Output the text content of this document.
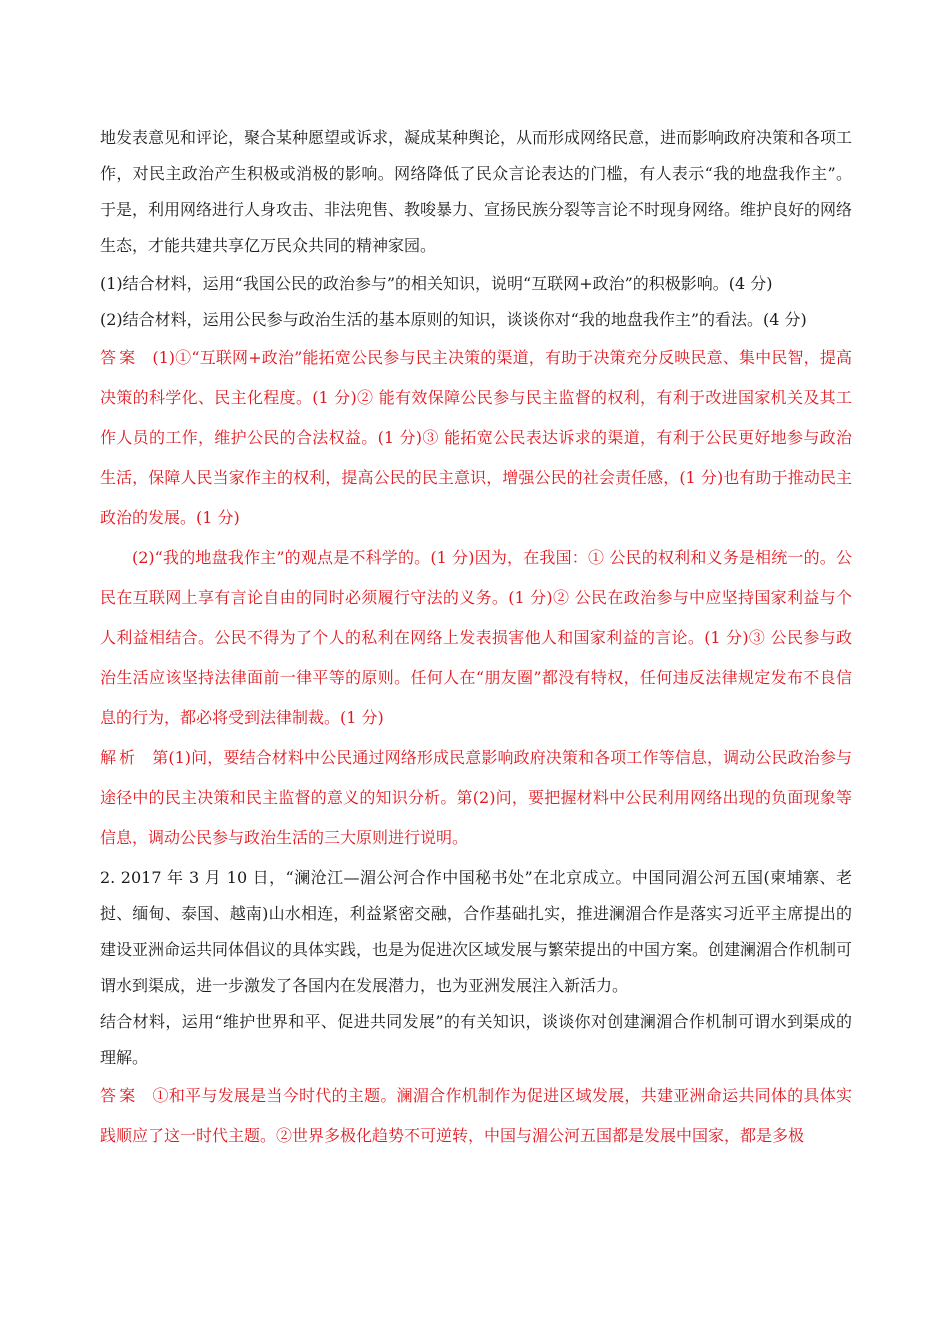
地发表意见和评论，聚合某种愿望或诉求，凝成某种舆论，从而形成网络民意，进而影响政府决策和各项工作，对民主政治产生积极或消极的影响。网络降低了民众言论表达的门槛，有人表示“我的地盘我作主”。于是，利用网络进行人身攻击、非法兜售、教唆暴力、宣扬民族分裂等言论不时现身网络。维护良好的网络生态，才能共建共享亿万民众共同的精神家园。

(1)结合材料，运用“我国公民的政治参与”的相关知识，说明“互联网+政治”的积极影响。(4 分)

(2)结合材料，运用公民参与政治生活的基本原则的知识，谈谈你对“我的地盘我作主”的看法。(4 分)

答案 (1)①“互联网+政治”能拓宽公民参与民主决策的渠道，有助于决策充分反映民意、集中民智，提高决策的科学化、民主化程度。(1 分)② 能有效保障公民参与民主监督的权利，有利于改进国家机关及其工作人员的工作，维护公民的合法权益。(1 分)③ 能拓宽公民表达诉求的渠道，有利于公民更好地参与政治生活，保障人民当家作主的权利，提高公民的民主意识，增强公民的社会责任感，(1 分)也有助于推动民主政治的发展。(1 分)

(2)“我的地盘我作主”的观点是不科学的。(1 分)因为，在我国：① 公民的权利和义务是相统一的。公民在互联网上享有言论自由的同时必须履行守法的义务。(1 分)② 公民在政治参与中应坚持国家利益与个人利益相结合。公民不得为了个人的私利在网络上发表损害他人和国家利益的言论。(1 分)③ 公民参与政治生活应该坚持法律面前一律平等的原则。任何人在“朋友圈”都没有特权，任何违反法律规定发布不良信息的行为，都必将受到法律制裁。(1 分)

解析 第(1)问，要结合材料中公民通过网络形成民意影响政府决策和各项工作等信息，调动公民政治参与途径中的民主决策和民主监督的意义的知识分析。第(2)问，要把握材料中公民利用网络出现的负面现象等信息，调动公民参与政治生活的三大原则进行说明。

2. 2017 年 3 月 10 日，“澜沧江—湄公河合作中国秘书处”在北京成立。中国同湄公河五国(柬埔寨、老挝、缅甸、泰国、越南)山水相连，利益紧密交融，合作基础扎实，推进澜湄合作是落实习近平主席提出的建设亚洲命运共同体倡议的具体实践，也是为促进次区域发展与繁荣提出的中国方案。创建澜湄合作机制可谓水到渠成，进一步激发了各国内在发展潜力，也为亚洲发展注入新活力。

结合材料，运用“维护世界和平、促进共同发展”的有关知识，谈谈你对创建澜湄合作机制可谓水到渠成的理解。

答案 ①和平与发展是当今时代的主题。澜湄合作机制作为促进区域发展，共建亚洲命运共同体的具体实践顺应了这一时代主题。②世界多极化趋势不可逆转，中国与湄公河五国都是发展中国家，都是多极
